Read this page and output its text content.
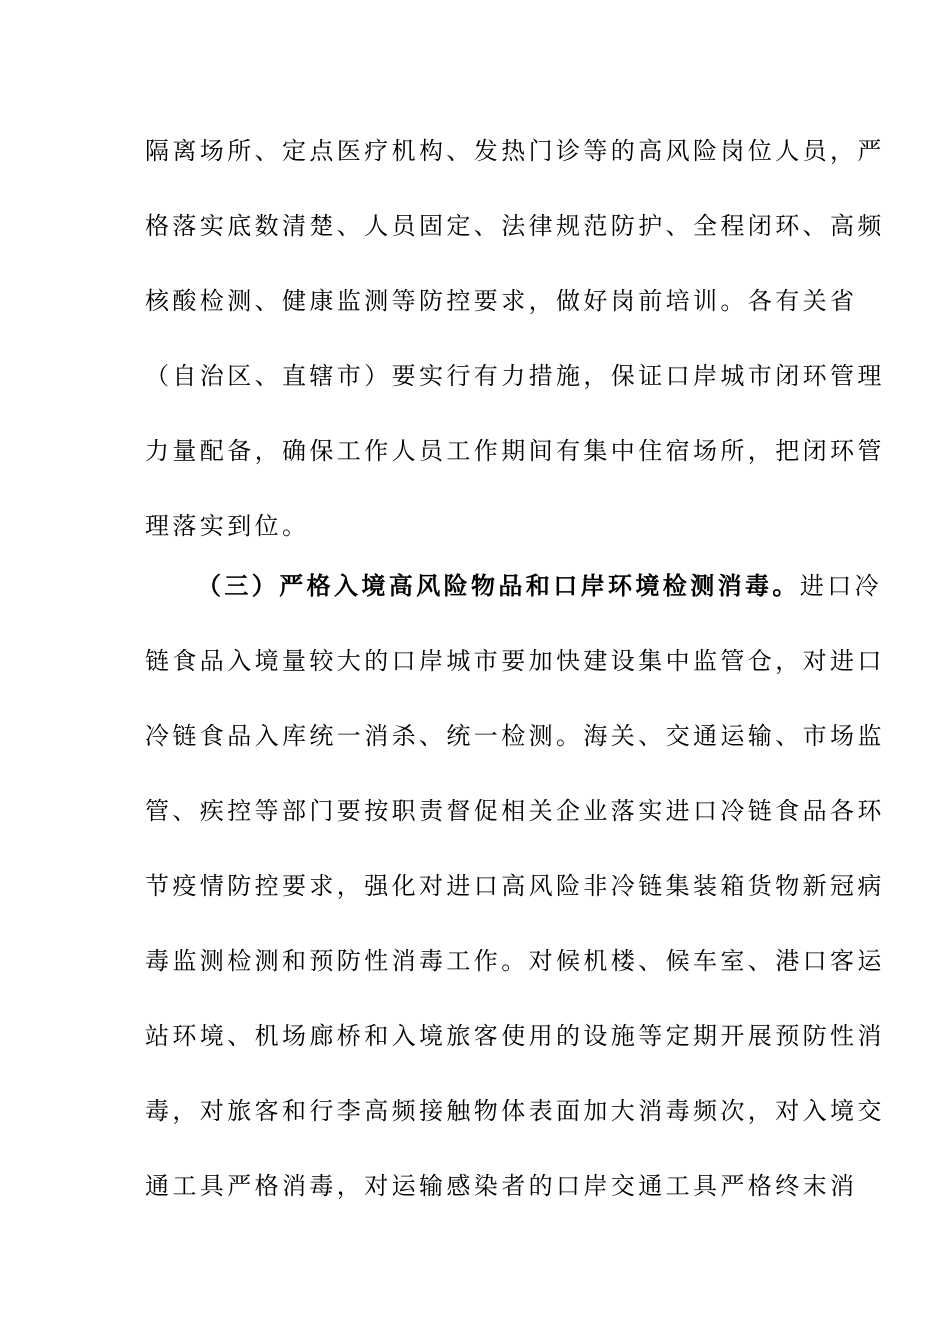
隔离场所、定点医疗机构、发热门诊等的高风险岗位人员，严
格落实底数清楚、人员固定、法律规范防护、全程闭环、高频
核酸检测、健康监测等防控要求，做好岗前培训。各有关省
（自治区、直辖市）要实行有力措施，保证口岸城市闭环管理
力量配备，确保工作人员工作期间有集中住宿场所，把闭环管
理落实到位。
（三）严格入境高风险物品和口岸环境检测消毒。进口冷
链食品入境量较大的口岸城市要加快建设集中监管仓，对进口
冷链食品入库统一消杀、统一检测。海关、交通运输、市场监
管、疾控等部门要按职责督促相关企业落实进口冷链食品各环
节疫情防控要求，强化对进口高风险非冷链集装箱货物新冠病
毒监测检测和预防性消毒工作。对候机楼、候车室、港口客运
站环境、机场廊桥和入境旅客使用的设施等定期开展预防性消
毒，对旅客和行李高频接触物体表面加大消毒频次，对入境交
通工具严格消毒，对运输感染者的口岸交通工具严格终末消
